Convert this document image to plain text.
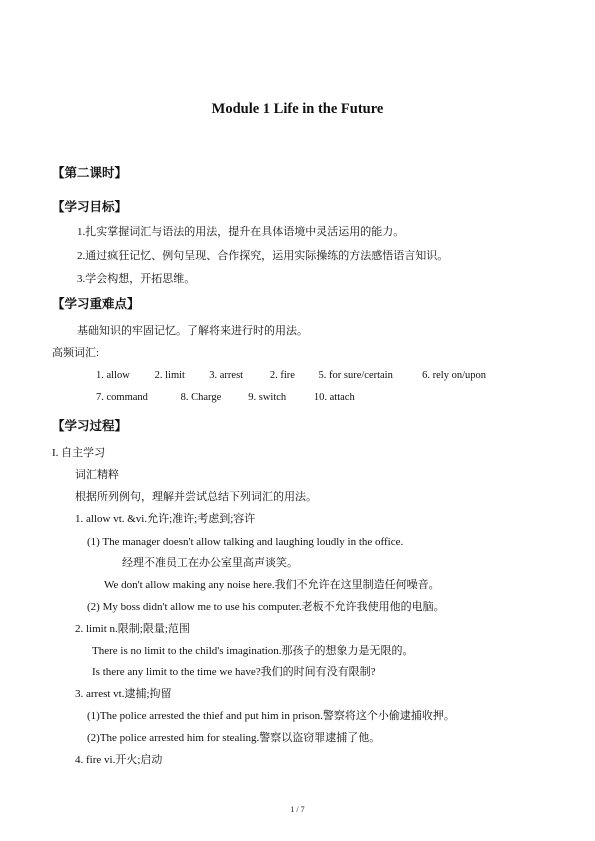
Module 1 Life in the Future
【第二课时】
【学习目标】
1.扎实掌握词汇与语法的用法，提升在具体语境中灵活运用的能力。
2.通过疯狂记忆、例句呈现、合作探究，运用实际操练的方法感悟语言知识。
3.学会构想，开拓思维。
【学习重难点】
基础知识的牢固记忆。了解将来进行时的用法。
高频词汇:
1. allow 2. limit 3. arrest	2. fire 5. for sure/certain	6. rely on/upon
7. command	8. Charge	9. switch	10. attach
【学习过程】
I. 自主学习
词汇精粹
根据所列例句，理解并尝试总结下列词汇的用法。
1. allow vt. &vi.允许;准许;考虑到;容许
(1) The manager doesn't allow talking and laughing loudly in the office.
经理不准员工在办公室里高声谈笑。
We don't allow making any noise here.我们不允许在这里制造任何噪音。
(2) My boss didn't allow me to use his computer.老板不允许我使用他的电脑。
2. limit n.限制;限量;范围
There is no limit to the child's imagination.那孩子的想象力是无限的。
Is there any limit to the time we have?我们的时间有没有限制?
3. arrest vt.逮捕;拘留
(1)The police arrested the thief and put him in prison.警察将这个小偷逮捕收押。
(2)The police arrested him for stealing.警察以盗窃罪逮捕了他。
4. fire vi.开火;启动
1 / 7
